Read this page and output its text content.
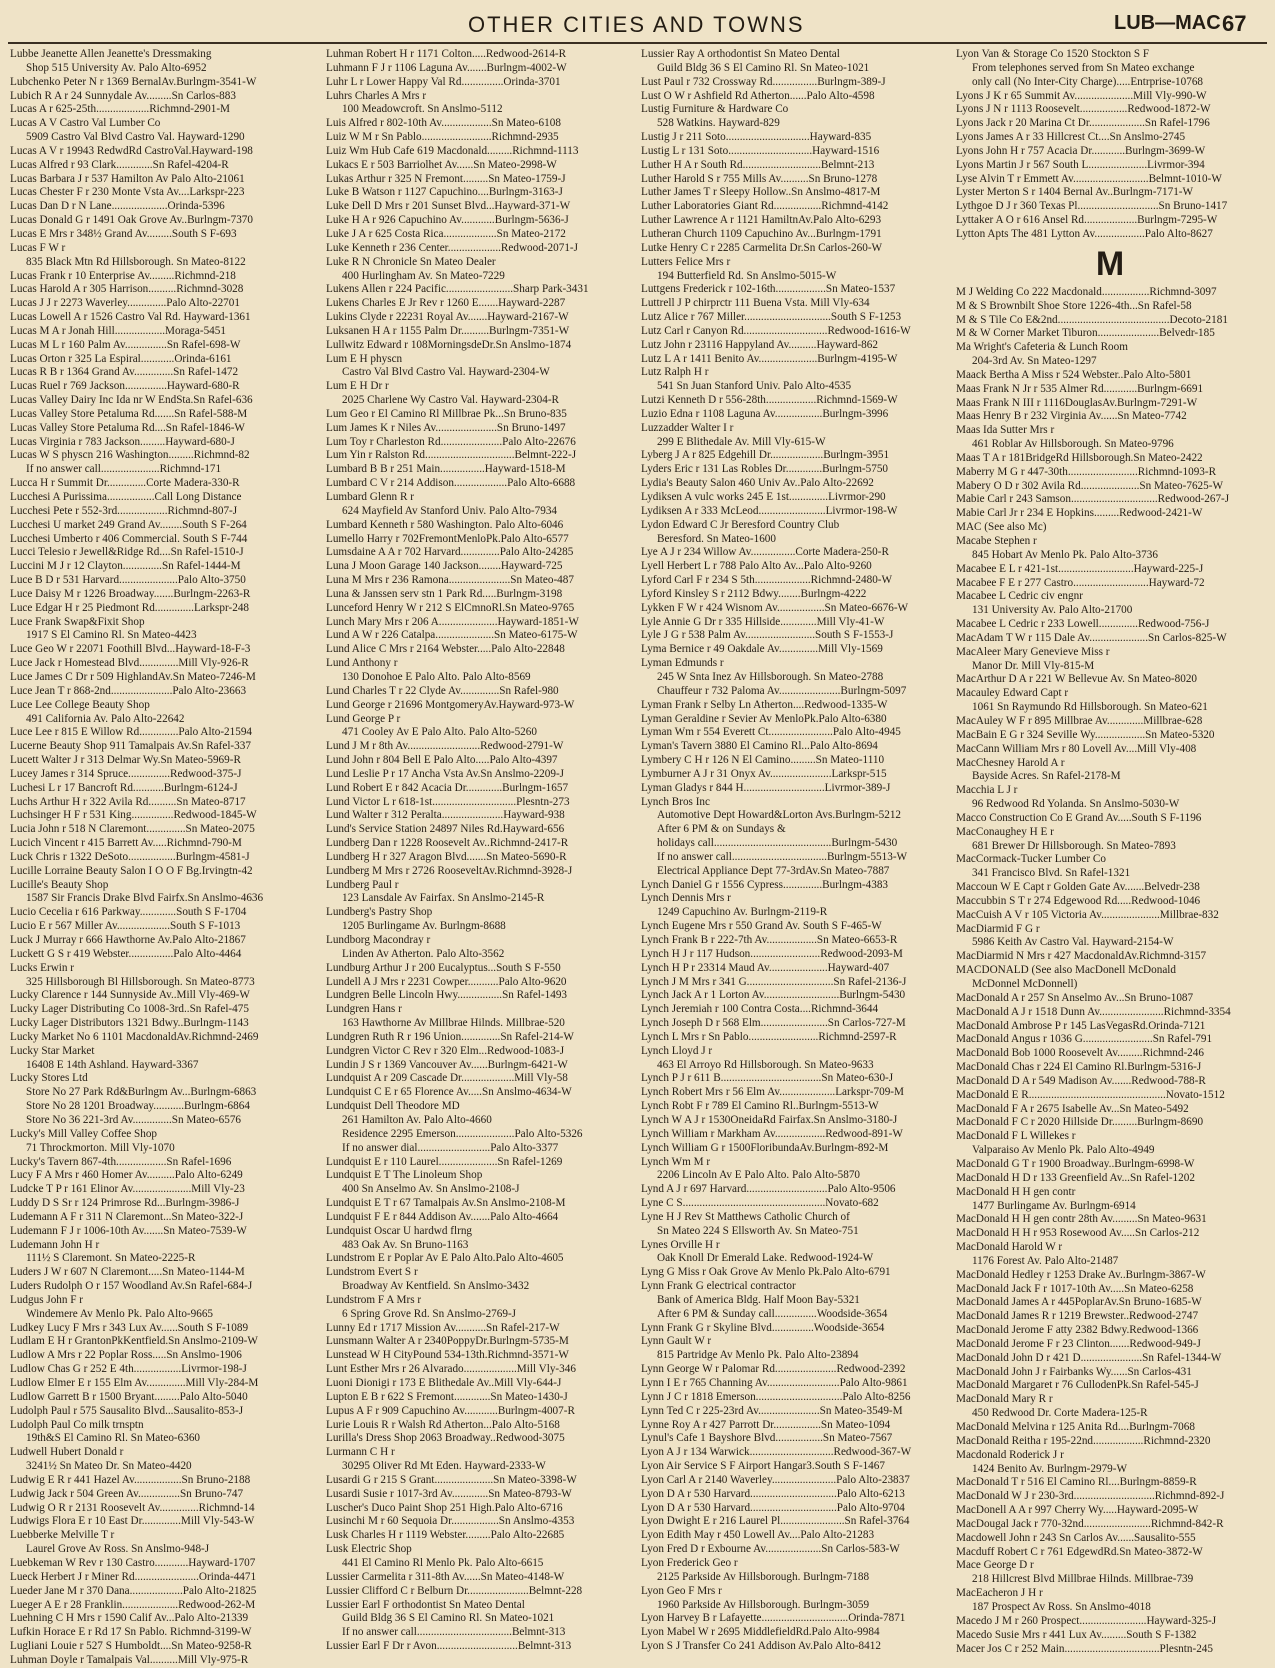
OTHER CITIES AND TOWNS	LUB—MAC 67
Lubbe Jeanette Allen Jeanette's Dressmaking
Shop 515 University Av. Palo Alto-6952
Lubchenko Peter N r 1369 BernalAv.Burlngm-3541-W
Lubich R A r 24 Sunnydale Av.........Sn Carlos-883
Lucas A r 625-25th...................Richmnd-2901-M
Lucas A V Castro Val Lumber Co
5909 Castro Val Blvd Castro Val. Hayward-1290
Lucas A V r 19943 RedwdRd CastroVal.Hayward-198
Lucas Alfred r 93 Clark.............Sn Rafel-4204-R
Lucas Barbara J r 537 Hamilton Av Palo Alto-21061
Lucas Chester F r 230 Monte Vsta Av....Larkspr-223
Lucas Dan D r N Lane....................Orinda-5396
Lucas Donald G r 1491 Oak Grove Av..Burlngm-7370
Lucas E Mrs r 348½ Grand Av.........South S F-693
Lucas F W r
835 Black Mtn Rd Hillsborough. Sn Mateo-8122
Lucas Frank r 10 Enterprise Av.........Richmnd-218
Lucas Harold A r 305 Harrison..........Richmnd-3028
Lucas J J r 2273 Waverley..............Palo Alto-22701
Lucas Lowell A r 1526 Castro Val Rd. Hayward-1361
Lucas M A r Jonah Hill..................Moraga-5451
Lucas M L r 160 Palm Av...............Sn Rafel-698-W
Lucas Orton r 325 La Espiral............Orinda-6161
Lucas R B r 1364 Grand Av..............Sn Rafel-1472
Lucas Ruel r 769 Jackson...............Hayward-680-R
Lucas Valley Dairy Inc Ida nr W EndSta.Sn Rafel-636
Lucas Valley Store Petaluma Rd.......Sn Rafel-588-M
Lucas Valley Store Petaluma Rd....Sn Rafel-1846-W
Lucas Virginia r 783 Jackson.........Hayward-680-J
Lucas W S physcn 216 Washington.........Richmnd-82
If no answer call.....................Richmnd-171
Lucca H r Summit Dr..............Corte Madera-330-R
Lucchesi A Purissima.................Call Long Distance
Lucchesi Pete r 552-3rd..................Richmnd-807-J
Lucchesi U market 249 Grand Av........South S F-264
Lucchesi Umberto r 406 Commercial. South S F-744
Lucci Telesio r Jewell&Ridge Rd....Sn Rafel-1510-J
Luccini M J r 12 Clayton..............Sn Rafel-1444-M
Luce B D r 531 Harvard.....................Palo Alto-3750
Luce Daisy M r 1226 Broadway.......Burlngm-2263-R
Luce Edgar H r 25 Piedmont Rd..............Larkspr-248
Luce Frank Swap&Fixit Shop
1917 S El Camino Rl. Sn Mateo-4423
Luce Geo W r 22071 Foothill Blvd...Hayward-18-F-3
Luce Jack r Homestead Blvd..............Mill Vly-926-R
Luce James C Dr r 509 HighlandAv.Sn Mateo-7246-M
Luce Jean T r 868-2nd......................Palo Alto-23663
Luce Lee College Beauty Shop
491 California Av. Palo Alto-22642
Luce Lee r 815 E Willow Rd..............Palo Alto-21594
Lucerne Beauty Shop 911 Tamalpais Av.Sn Rafel-337
Lucett Walter J r 313 Delmar Wy.Sn Mateo-5969-R
Lucey James r 314 Spruce...............Redwood-375-J
Luchesi L r 17 Bancroft Rd...........Burlngm-6124-J
Luchs Arthur H r 322 Avila Rd..........Sn Mateo-8717
Luchsinger H F r 531 King...............Redwood-1845-W
Lucia John r 518 N Claremont..............Sn Mateo-2075
Lucich Vincent r 415 Barrett Av.....Richmnd-790-M
Luck Chris r 1322 DeSoto.................Burlngm-4581-J
Lucille Lorraine Beauty Salon I O O F Bg.Irvingtn-42
Lucille's Beauty Shop
1587 Sir Francis Drake Blvd Fairfx.Sn Anslmo-4636
Lucio Cecelia r 616 Parkway.............South S F-1704
Lucio E r 567 Miller Av...................South S F-1013
Luck J Murray r 666 Hawthorne Av.Palo Alto-21867
Luckett G S r 419 Webster................Palo Alto-4464
Lucks Erwin r
325 Hillsborough Bl Hillsborough. Sn Mateo-8773
Lucky Clarence r 144 Sunnyside Av..Mill Vly-469-W
Lucky Lager Distributing Co 1008-3rd..Sn Rafel-475
Lucky Lager Distributors 1321 Bdwy..Burlngm-1143
Lucky Market No 6 1101 MacdonaldAv.Richmnd-2469
Lucky Star Market
16408 E 14th Ashland. Hayward-3367
Lucky Stores Ltd
Store No 27 Park Rd&Burlngm Av...Burlngm-6863
Store No 28 1201 Broadway...........Burlngm-6864
Store No 36 221-3rd Av..............Sn Mateo-6576
Lucky's Mill Valley Coffee Shop
71 Throckmorton. Mill Vly-1070
Lucky's Tavern 867-4th..................Sn Rafel-1696
Lucy F A Mrs r 460 Homer Av..........Palo Alto-6249
Ludcke T P r 161 Elinor Av.....................Mill Vly-23
Luddy D S Sr r 124 Primrose Rd...Burlngm-3986-J
Ludemann A F r 311 N Claremont...Sn Mateo-322-J
Ludemann F J r 1006-10th Av.......Sn Mateo-7539-W
Ludemann John H r
111½ S Claremont. Sn Mateo-2225-R
Luders J W r 607 N Claremont.....Sn Mateo-1144-M
Luders Rudolph O r 157 Woodland Av.Sn Rafel-684-J
Ludgus John F r
Windemere Av Menlo Pk. Palo Alto-9665
Ludkey Lucy F Mrs r 343 Lux Av......South S F-1089
Ludlam E H r GrantonPkKentfield.Sn Anslmo-2109-W
Ludlow A Mrs r 22 Poplar Ross.....Sn Anslmo-1906
Ludlow Chas G r 252 E 4th.................Livrmor-198-J
Ludlow Elmer E r 155 Elm Av..............Mill Vly-284-M
Ludlow Garrett B r 1500 Bryant.........Palo Alto-5040
Ludolph Paul r 575 Sausalito Blvd...Sausalito-853-J
Ludolph Paul Co milk trnsptn
19th&S El Camino Rl. Sn Mateo-6360
Ludwell Hubert Donald r
3241½ Sn Mateo Dr. Sn Mateo-4420
Ludwig E R r 441 Hazel Av.................Sn Bruno-2188
Ludwig Jack r 504 Green Av...............Sn Bruno-747
Ludwig O R r 2131 Roosevelt Av..............Richmnd-14
Ludwigs Flora E r 10 East Dr..............Mill Vly-543-W
Luebberke Melville T r
Laurel Grove Av Ross. Sn Anslmo-948-J
Luebkeman W Rev r 130 Castro............Hayward-1707
Lueck Herbert J r Miner Rd.......................Orinda-4471
Lueder Jane M r 370 Dana...................Palo Alto-21825
Lueger A E r 28 Franklin....................Redwood-262-M
Luehning C H Mrs r 1590 Calif Av...Palo Alto-21339
Lufkin Horace E r Rd 17 Sn Pablo. Richmnd-3199-W
Lugliani Louie r 527 S Humboldt....Sn Mateo-9258-R
Luhman Doyle r Tamalpais Val..........Mill Vly-975-R
Luhman Robert H r 1171 Colton.....Redwood-2614-R
Luhmann F J r 1106 Laguna Av.......Burlngm-4002-W
Luhr L r Lower Happy Val Rd...............Orinda-3701
Luhrs Charles A Mrs r
100 Meadowcroft. Sn Anslmo-5112
Luis Alfred r 802-10th Av..................Sn Mateo-6108
Luiz W M r Sn Pablo.........................Richmnd-2935
Luiz Wm Hub Cafe 619 Macdonald.........Richmnd-1113
Lukacs E r 503 Barriolhet Av......Sn Mateo-2998-W
Lukas Arthur r 325 N Fremont.........Sn Mateo-1759-J
Luke B Watson r 1127 Capuchino....Burlngm-3163-J
Luke Dell D Mrs r 201 Sunset Blvd...Hayward-371-W
Luke H A r 926 Capuchino Av............Burlngm-5636-J
Luke J A r 625 Costa Rica...................Sn Mateo-2172
Luke Kenneth r 236 Center...................Redwood-2071-J
Luke R N Chronicle Sn Mateo Dealer
400 Hurlingham Av. Sn Mateo-7229
Lukens Allen r 224 Pacific........................Sharp Park-3431
Lukens Charles E Jr Rev r 1260 E.......Hayward-2287
Lukins Clyde r 22231 Royal Av.......Hayward-2167-W
Luksanen H A r 1155 Palm Dr..........Burlngm-7351-W
Lullwitz Edward r 108MorningsdeDr.Sn Anslmo-1874
Lum E H physcn
Castro Val Blvd Castro Val. Hayward-2304-W
Lum E H Dr r
2025 Charlene Wy Castro Val. Hayward-2304-R
Lum Geo r El Camino Rl Millbrae Pk...Sn Bruno-835
Lum James K r Niles Av......................Sn Bruno-1497
Lum Toy r Charleston Rd......................Palo Alto-22676
Lum Yin r Ralston Rd................................Belmnt-222-J
Lumbard B B r 251 Main................Hayward-1518-M
Lumbard C V r 214 Addison...................Palo Alto-6688
Lumbard Glenn R r
624 Mayfield Av Stanford Univ. Palo Alto-7934
Lumbard Kenneth r 580 Washington. Palo Alto-6046
Lumello Harry r 702FremontMenloPk.Palo Alto-6577
Lumsdaine A A r 702 Harvard..............Palo Alto-24285
Luna J Moon Garage 140 Jackson........Hayward-725
Luna M Mrs r 236 Ramona......................Sn Mateo-487
Luna & Janssen serv stn 1 Park Rd.....Burlngm-3198
Lunceford Henry W r 212 S ElCmnoRl.Sn Mateo-9765
Lunch Mary Mrs r 206 A.....................Hayward-1851-W
Lund A W r 226 Catalpa.....................Sn Mateo-6175-W
Lund Alice C Mrs r 2164 Webster.....Palo Alto-22848
Lund Anthony r
130 Donohoe E Palo Alto. Palo Alto-8569
Lund Charles T r 22 Clyde Av..............Sn Rafel-980
Lund George r 21696 MontgomeryAv.Hayward-973-W
Lund George P r
471 Cooley Av E Palo Alto. Palo Alto-5260
Lund J M r 8th Av..........................Redwood-2791-W
Lund John r 804 Bell E Palo Alto.....Palo Alto-4397
Lund Leslie P r 17 Ancha Vsta Av.Sn Anslmo-2209-J
Lund Robert E r 842 Acacia Dr.............Burlngm-1657
Lund Victor L r 618-1st..............................Plesntn-273
Lund Walter r 312 Peralta......................Hayward-938
Lund's Service Station 24897 Niles Rd.Hayward-656
Lundberg Dan r 1228 Roosevelt Av..Richmnd-2417-R
Lundberg H r 327 Aragon Blvd.......Sn Mateo-5690-R
Lundberg M Mrs r 2726 RooseveltAv.Richmnd-3928-J
Lundberg Paul r
123 Lansdale Av Fairfax. Sn Anslmo-2145-R
Lundberg's Pastry Shop
1205 Burlingame Av. Burlngm-8688
Lundborg Macondray r
Linden Av Atherton. Palo Alto-3562
Lundburg Arthur J r 200 Eucalyptus...South S F-550
Lundell A J Mrs r 2231 Cowper...........Palo Alto-9620
Lundgren Belle Lincoln Hwy................Sn Rafel-1493
Lundgren Hans r
163 Hawthorne Av Millbrae Hilnds. Millbrae-520
Lundgren Ruth R r 196 Union..............Sn Rafel-214-W
Lundgren Victor C Rev r 320 Elm...Redwood-1083-J
Lundin J S r 1369 Vancouver Av......Burlngm-6421-W
Lundquist A r 209 Cascade Dr...................Mill Vly-58
Lundquist C E r 65 Florence Av.....Sn Anslmo-4634-W
Lundquist Dell Theodore MD
261 Hamilton Av. Palo Alto-4660
Residence 2295 Emerson.....................Palo Alto-5326
If no answer dial..........................Palo Alto-3377
Lundquist E r 110 Laurel.....................Sn Rafel-1269
Lundquist E T The Linoleum Shop
400 Sn Anselmo Av. Sn Anslmo-2108-J
Lundquist E T r 67 Tamalpais Av.Sn Anslmo-2108-M
Lundquist F E r 844 Addison Av.......Palo Alto-4664
Lundquist Oscar U hardwd flrng
483 Oak Av. Sn Bruno-1163
Lundstrom E r Poplar Av E Palo Alto.Palo Alto-4605
Lundstrom Evert S r
Broadway Av Kentfield. Sn Anslmo-3432
Lundstrom F A Mrs r
6 Spring Grove Rd. Sn Anslmo-2769-J
Lunny Ed r 1717 Mission Av...........Sn Rafel-217-W
Lunsmann Walter A r 2340PoppyDr.Burlngm-5735-M
Lunstead W H CityPound 534-13th.Richmnd-3571-W
Lunt Esther Mrs r 26 Alvarado...................Mill Vly-346
Luoni Dionigi r 173 E Blithedale Av..Mill Vly-644-J
Lupton E B r 622 S Fremont.............Sn Mateo-1430-J
Lupus A F r 909 Capuchino Av............Burlngm-4007-R
Lurie Louis R r Walsh Rd Atherton...Palo Alto-5168
Lurilla's Dress Shop 2063 Broadway..Redwood-3075
Lurmann C H r
30295 Oliver Rd Mt Eden. Hayward-2333-W
Lusardi G r 215 S Grant.....................Sn Mateo-3398-W
Lusardi Susie r 1017-3rd Av.............Sn Mateo-8793-W
Luscher's Duco Paint Shop 251 High.Palo Alto-6716
Lusinchi M r 60 Sequoia Dr.................Sn Anslmo-4353
Lusk Charles H r 1119 Webster.........Palo Alto-22685
Lusk Electric Shop
441 El Camino Rl Menlo Pk. Palo Alto-6615
Lussier Carmelita r 311-8th Av......Sn Mateo-4148-W
Lussier Clifford C r Belburn Dr......................Belmnt-228
Lussier Earl F orthodontist Sn Mateo Dental
Guild Bldg 36 S El Camino Rl. Sn Mateo-1021
If no answer call..................................Belmnt-313
Lussier Earl F Dr r Avon.............................Belmnt-313
Lussier Ray A orthodontist Sn Mateo Dental
Guild Bldg 36 S El Camino Rl. Sn Mateo-1021
Lust Paul r 732 Crossway Rd................Burlngm-389-J
Lust O W r Ashfield Rd Atherton......Palo Alto-4598
Lustig Furniture & Hardware Co
528 Watkins. Hayward-829
Lustig J r 211 Soto..............................Hayward-835
Lustig L r 131 Soto..............................Hayward-1516
Luther H A r South Rd............................Belmnt-213
Luther Harold S r 755 Mills Av..........Sn Bruno-1278
Luther James T r Sleepy Hollow..Sn Anslmo-4817-M
Luther Laboratories Giant Rd.................Richmnd-4142
Luther Lawrence A r 1121 HamiltnAv.Palo Alto-6293
Lutheran Church 1109 Capuchino Av...Burlngm-1791
Lutke Henry C r 2285 Carmelita Dr.Sn Carlos-260-W
Lutters Felice Mrs r
194 Butterfield Rd. Sn Anslmo-5015-W
Luttgens Frederick r 102-16th..................Sn Mateo-1537
Luttrell J P chirprctr 111 Buena Vsta. Mill Vly-634
Lutz Alice r 767 Miller...............................South S F-1253
Lutz Carl r Canyon Rd..............................Redwood-1616-W
Lutz John r 23116 Happyland Av..........Hayward-862
Lutz L A r 1411 Benito Av.....................Burlngm-4195-W
Lutz Ralph H r
541 Sn Juan Stanford Univ. Palo Alto-4535
Lutzi Kenneth D r 556-28th..................Richmnd-1569-W
Luzio Edna r 1108 Laguna Av.................Burlngm-3996
Luzzadder Walter I r
299 E Blithedale Av. Mill Vly-615-W
Lyberg J A r 825 Edgehill Dr...................Burlngm-3951
Lyders Eric r 131 Las Robles Dr.............Burlngm-5750
Lydia's Beauty Salon 460 Univ Av..Palo Alto-22692
Lydiksen A vulc works 245 E 1st..............Livrmor-290
Lydiksen A r 333 McLeod........................Livrmor-198-W
Lydon Edward C Jr Beresford Country Club
Beresford. Sn Mateo-1600
Lye A J r 234 Willow Av................Corte Madera-250-R
Lyell Herbert L r 788 Palo Alto Av...Palo Alto-9260
Lyford Carl F r 234 S 5th....................Richmnd-2480-W
Lyford Kinsley S r 2112 Bdwy........Burlngm-4222
Lykken F W r 424 Wisnom Av.................Sn Mateo-6676-W
Lyle Annie G Dr r 335 Hillside.............Mill Vly-41-W
Lyle J G r 538 Palm Av.........................South S F-1553-J
Lyma Bernice r 49 Oakdale Av..............Mill Vly-1569
Lyman Edmunds r
245 W Snta Inez Av Hillsborough. Sn Mateo-2788
Chauffeur r 732 Paloma Av......................Burlngm-5097
Lyman Frank r Selby Ln Atherton....Redwood-1335-W
Lyman Geraldine r Sevier Av MenloPk.Palo Alto-6380
Lyman Wm r 554 Everett Ct.......................Palo Alto-4945
Lyman's Tavern 3880 El Camino Rl...Palo Alto-8694
Lymbery C H r 126 N El Camino.........Sn Mateo-1110
Lymburner A J r 31 Onyx Av......................Larkspr-515
Lyman Gladys r 844 H.............................Livrmor-389-J
Lynch Bros Inc
Automotive Dept Howard&Lorton Avs.Burlngm-5212
After 6 PM & on Sundays &
holidays call..........................................Burlngm-5430
If no answer call..................................Burlngm-5513-W
Electrical Appliance Dept 77-3rdAv.Sn Mateo-7887
Lynch Daniel G r 1556 Cypress..............Burlngm-4383
Lynch Dennis Mrs r
1249 Capuchino Av. Burlngm-2119-R
Lynch Eugene Mrs r 550 Grand Av. South S F-465-W
Lynch Frank B r 222-7th Av..................Sn Mateo-6653-R
Lynch H J r 117 Hudson.........................Redwood-2093-M
Lynch H P r 23314 Maud Av.....................Hayward-407
Lynch J M Mrs r 341 G...............................Sn Rafel-2136-J
Lynch Jack A r 1 Lorton Av...........................Burlngm-5430
Lynch Jeremiah r 100 Contra Costa....Richmnd-3644
Lynch Joseph D r 568 Elm........................Sn Carlos-727-M
Lynch L Mrs r Sn Pablo.........................Richmnd-2597-R
Lynch Lloyd J r
463 El Arroyo Rd Hillsborough. Sn Mateo-9633
Lynch P J r 611 B....................................Sn Mateo-630-J
Lynch Robert Mrs r 56 Elm Av....................Larkspr-709-M
Lynch Robt F r 789 El Camino Rl..Burlngm-5513-W
Lynch W A J r 1530OneidaRd Fairfax.Sn Anslmo-3180-J
Lynch William r Markham Av..................Redwood-891-W
Lynch William G r 1500FloribundaAv.Burlngm-892-M
Lynch Wm M r
2206 Lincoln Av E Palo Alto. Palo Alto-5870
Lynd A J r 697 Harvard.............................Palo Alto-9506
Lyne C S...................................................Novato-682
Lyne H J Rev St Matthews Catholic Church of
Sn Mateo 224 S Ellsworth Av. Sn Mateo-751
Lynes Orville H r
Oak Knoll Dr Emerald Lake. Redwood-1924-W
Lyng G Miss r Oak Grove Av Menlo Pk.Palo Alto-6791
Lynn Frank G electrical contractor
Bank of America Bldg. Half Moon Bay-5321
After 6 PM & Sunday call...............Woodside-3654
Lynn Frank G r Skyline Blvd...............Woodside-3654
Lynn Gault W r
815 Partridge Av Menlo Pk. Palo Alto-23894
Lynn George W r Palomar Rd......................Redwood-2392
Lynn I E r 765 Channing Av..........................Palo Alto-9861
Lynn J C r 1818 Emerson...............................Palo Alto-8256
Lynn Ted C r 225-23rd Av......................Sn Mateo-3549-M
Lynne Roy A r 427 Parrott Dr.................Sn Mateo-1094
Lynul's Cafe 1 Bayshore Blvd.................Sn Mateo-7567
Lyon A J r 134 Warwick..............................Redwood-367-W
Lyon Air Service S F Airport Hangar3.South S F-1467
Lyon Carl A r 2140 Waverley.......................Palo Alto-23837
Lyon D A r 530 Harvard...............................Palo Alto-6213
Lyon D A r 530 Harvard...............................Palo Alto-9704
Lyon Dwight E r 216 Laurel Pl.......................Sn Rafel-3764
Lyon Edith May r 450 Lowell Av....Palo Alto-21283
Lyon Fred D r Exbourne Av....................Sn Carlos-583-W
Lyon Frederick Geo r
2125 Parkside Av Hillsborough. Burlngm-7188
Lyon Geo F Mrs r
1960 Parkside Av Hillsborough. Burlngm-3059
Lyon Harvey B r Lafayette...............................Orinda-7871
Lyon Mabel W r 2695 MiddlefieldRd.Palo Alto-9984
Lyon S J Transfer Co 241 Addison Av.Palo Alto-8412
Lyon Van & Storage Co 1520 Stockton S F
From telephones served from Sn Mateo exchange
only call (No Inter-City Charge).....Entrprise-10768
Lyons J K r 65 Summit Av.....................Mill Vly-990-W
Lyons J N r 1113 Roosevelt.................Redwood-1872-W
Lyons Jack r 20 Marina Ct Dr....................Sn Rafel-1796
Lyons James A r 33 Hillcrest Ct....Sn Anslmo-2745
Lyons John H r 757 Acacia Dr............Burlngm-3699-W
Lyons Martin J r 567 South L.....................Livrmor-394
Lyse Alvin T r Emmett Av...........................Belmnt-1010-W
Lyster Merton S r 1404 Bernal Av..Burlngm-7171-W
Lythgoe D J r 360 Texas Pl.............................Sn Bruno-1417
Lyttaker A O r 616 Ansel Rd...................Burlngm-7295-W
Lytton Apts The 481 Lytton Av..................Palo Alto-8627
M
M J Welding Co 222 Macdonald.................Richmnd-3097
M & S Brownbilt Shoe Store 1226-4th...Sn Rafel-58
M & S Tile Co E&2nd........................................Decoto-2181
M & W Corner Market Tiburon......................Belvedr-185
Ma Wright's Cafeteria & Lunch Room
204-3rd Av. Sn Mateo-1297
Maack Bertha A Miss r 524 Webster..Palo Alto-5801
Maas Frank N Jr r 535 Almer Rd............Burlngm-6691
Maas Frank N III r 1116DouglasAv.Burlngm-7291-W
Maas Henry B r 232 Virginia Av......Sn Mateo-7742
Maas Ida Sutter Mrs r
461 Roblar Av Hillsborough. Sn Mateo-9796
Maas T A r 181BridgeRd Hillsborough.Sn Mateo-2422
Maberry M G r 447-30th.........................Richmnd-1093-R
Mabery O D r 302 Avila Rd.....................Sn Mateo-7625-W
Mabie Carl r 243 Samson...............................Redwood-267-J
Mabie Carl Jr r 234 E Hopkins.........Redwood-2421-W
MAC (See also Mc)
Macabe Stephen r
845 Hobart Av Menlo Pk. Palo Alto-3736
Macabee E L r 421-1st...........................Hayward-225-J
Macabee F E r 277 Castro...........................Hayward-72
Macabee L Cedric civ engnr
131 University Av. Palo Alto-21700
Macabee L Cedric r 233 Lowell..............Redwood-756-J
MacAdam T W r 115 Dale Av.....................Sn Carlos-825-W
MacAleer Mary Genevieve Miss r
Manor Dr. Mill Vly-815-M
MacArthur D A r 221 W Bellevue Av. Sn Mateo-8020
Macauley Edward Capt r
1061 Sn Raymundo Rd Hillsborough. Sn Mateo-621
MacAuley W F r 895 Millbrae Av.............Millbrae-628
MacBain E G r 324 Seville Wy..................Sn Mateo-5320
MacCann William Mrs r 80 Lovell Av....Mill Vly-408
MacChesney Harold A r
Bayside Acres. Sn Rafel-2178-M
Macchia L J r
96 Redwood Rd Yolanda. Sn Anslmo-5030-W
Macco Construction Co E Grand Av.....South S F-1196
MacConaughey H E r
681 Brewer Dr Hillsborough. Sn Mateo-7893
MacCormack-Tucker Lumber Co
341 Francisco Blvd. Sn Rafel-1321
Maccoun W E Capt r Golden Gate Av.......Belvedr-238
Maccubbin S T r 274 Edgewood Rd.....Redwood-1046
MacCuish A V r 105 Victoria Av.....................Millbrae-832
MacDiarmid F G r
5986 Keith Av Castro Val. Hayward-2154-W
MacDiarmid N Mrs r 427 MacdonaldAv.Richmnd-3157
MACDONALD (See also MacDonell McDonald
McDonnel McDonnell)
MacDonald A r 257 Sn Anselmo Av...Sn Bruno-1087
MacDonald A J r 1518 Dunn Av.......................Richmnd-3354
MacDonald Ambrose P r 145 LasVegasRd.Orinda-7121
MacDonald Angus r 1036 G.........................Sn Rafel-791
MacDonald Bob 1000 Roosevelt Av.........Richmnd-246
MacDonald Chas r 224 El Camino Rl.Burlngm-5316-J
MacDonald D A r 549 Madison Av.......Redwood-788-R
MacDonald E R.................................................Novato-1512
MacDonald F A r 2675 Isabelle Av...Sn Mateo-5492
MacDonald F C r 2020 Hillside Dr.........Burlngm-8690
MacDonald F L Willekes r
Valparaiso Av Menlo Pk. Palo Alto-4949
MacDonald G T r 1900 Broadway..Burlngm-6998-W
MacDonald H D r 133 Greenfield Av...Sn Rafel-1202
MacDonald H H gen contr
1477 Burlingame Av. Burlngm-6914
MacDonald H H gen contr 28th Av.........Sn Mateo-9631
MacDonald H H r 953 Rosewood Av.....Sn Carlos-212
MacDonald Harold W r
1176 Forest Av. Palo Alto-21487
MacDonald Hedley r 1253 Drake Av..Burlngm-3867-W
MacDonald Jack F r 1017-10th Av.....Sn Mateo-6258
MacDonald James A r 445PoplarAv.Sn Bruno-1685-W
MacDonald James R r 1219 Brewster..Redwood-2747
MacDonald Jerome F atty 2382 Bdwy.Redwood-1366
MacDonald Jerome F r 23 Clinton.......Redwood-949-J
MacDonald John D r 421 D......................Sn Rafel-1344-W
MacDonald John J r Fairbanks Wy......Sn Carlos-431
MacDonald Margaret r 76 CullodenPk.Sn Rafel-545-J
MacDonald Mary R r
450 Redwood Dr. Corte Madera-125-R
MacDonald Melvina r 125 Anita Rd....Burlngm-7068
MacDonald Reitha r 195-22nd..................Richmnd-2320
Macdonald Roderick J r
1424 Benito Av. Burlngm-2979-W
MacDonald T r 516 El Camino Rl....Burlngm-8859-R
MacDonald W J r 230-3rd.............................Richmnd-892-J
MacDonell A A r 997 Cherry Wy.....Hayward-2095-W
MacDougal Jack r 770-32nd........................Richmnd-842-R
Macdowell John r 243 Sn Carlos Av......Sausalito-555
Macduff Robert C r 761 EdgewdRd.Sn Mateo-3872-W
Mace George D r
218 Hillcrest Blvd Millbrae Hilnds. Millbrae-739
MacEacheron J H r
187 Prospect Av Ross. Sn Anslmo-4018
Macedo J M r 260 Prospect........................Hayward-325-J
Macedo Susie Mrs r 441 Lux Av.........South S F-1382
Macer Jos C r 252 Main..................................Plesntn-245
